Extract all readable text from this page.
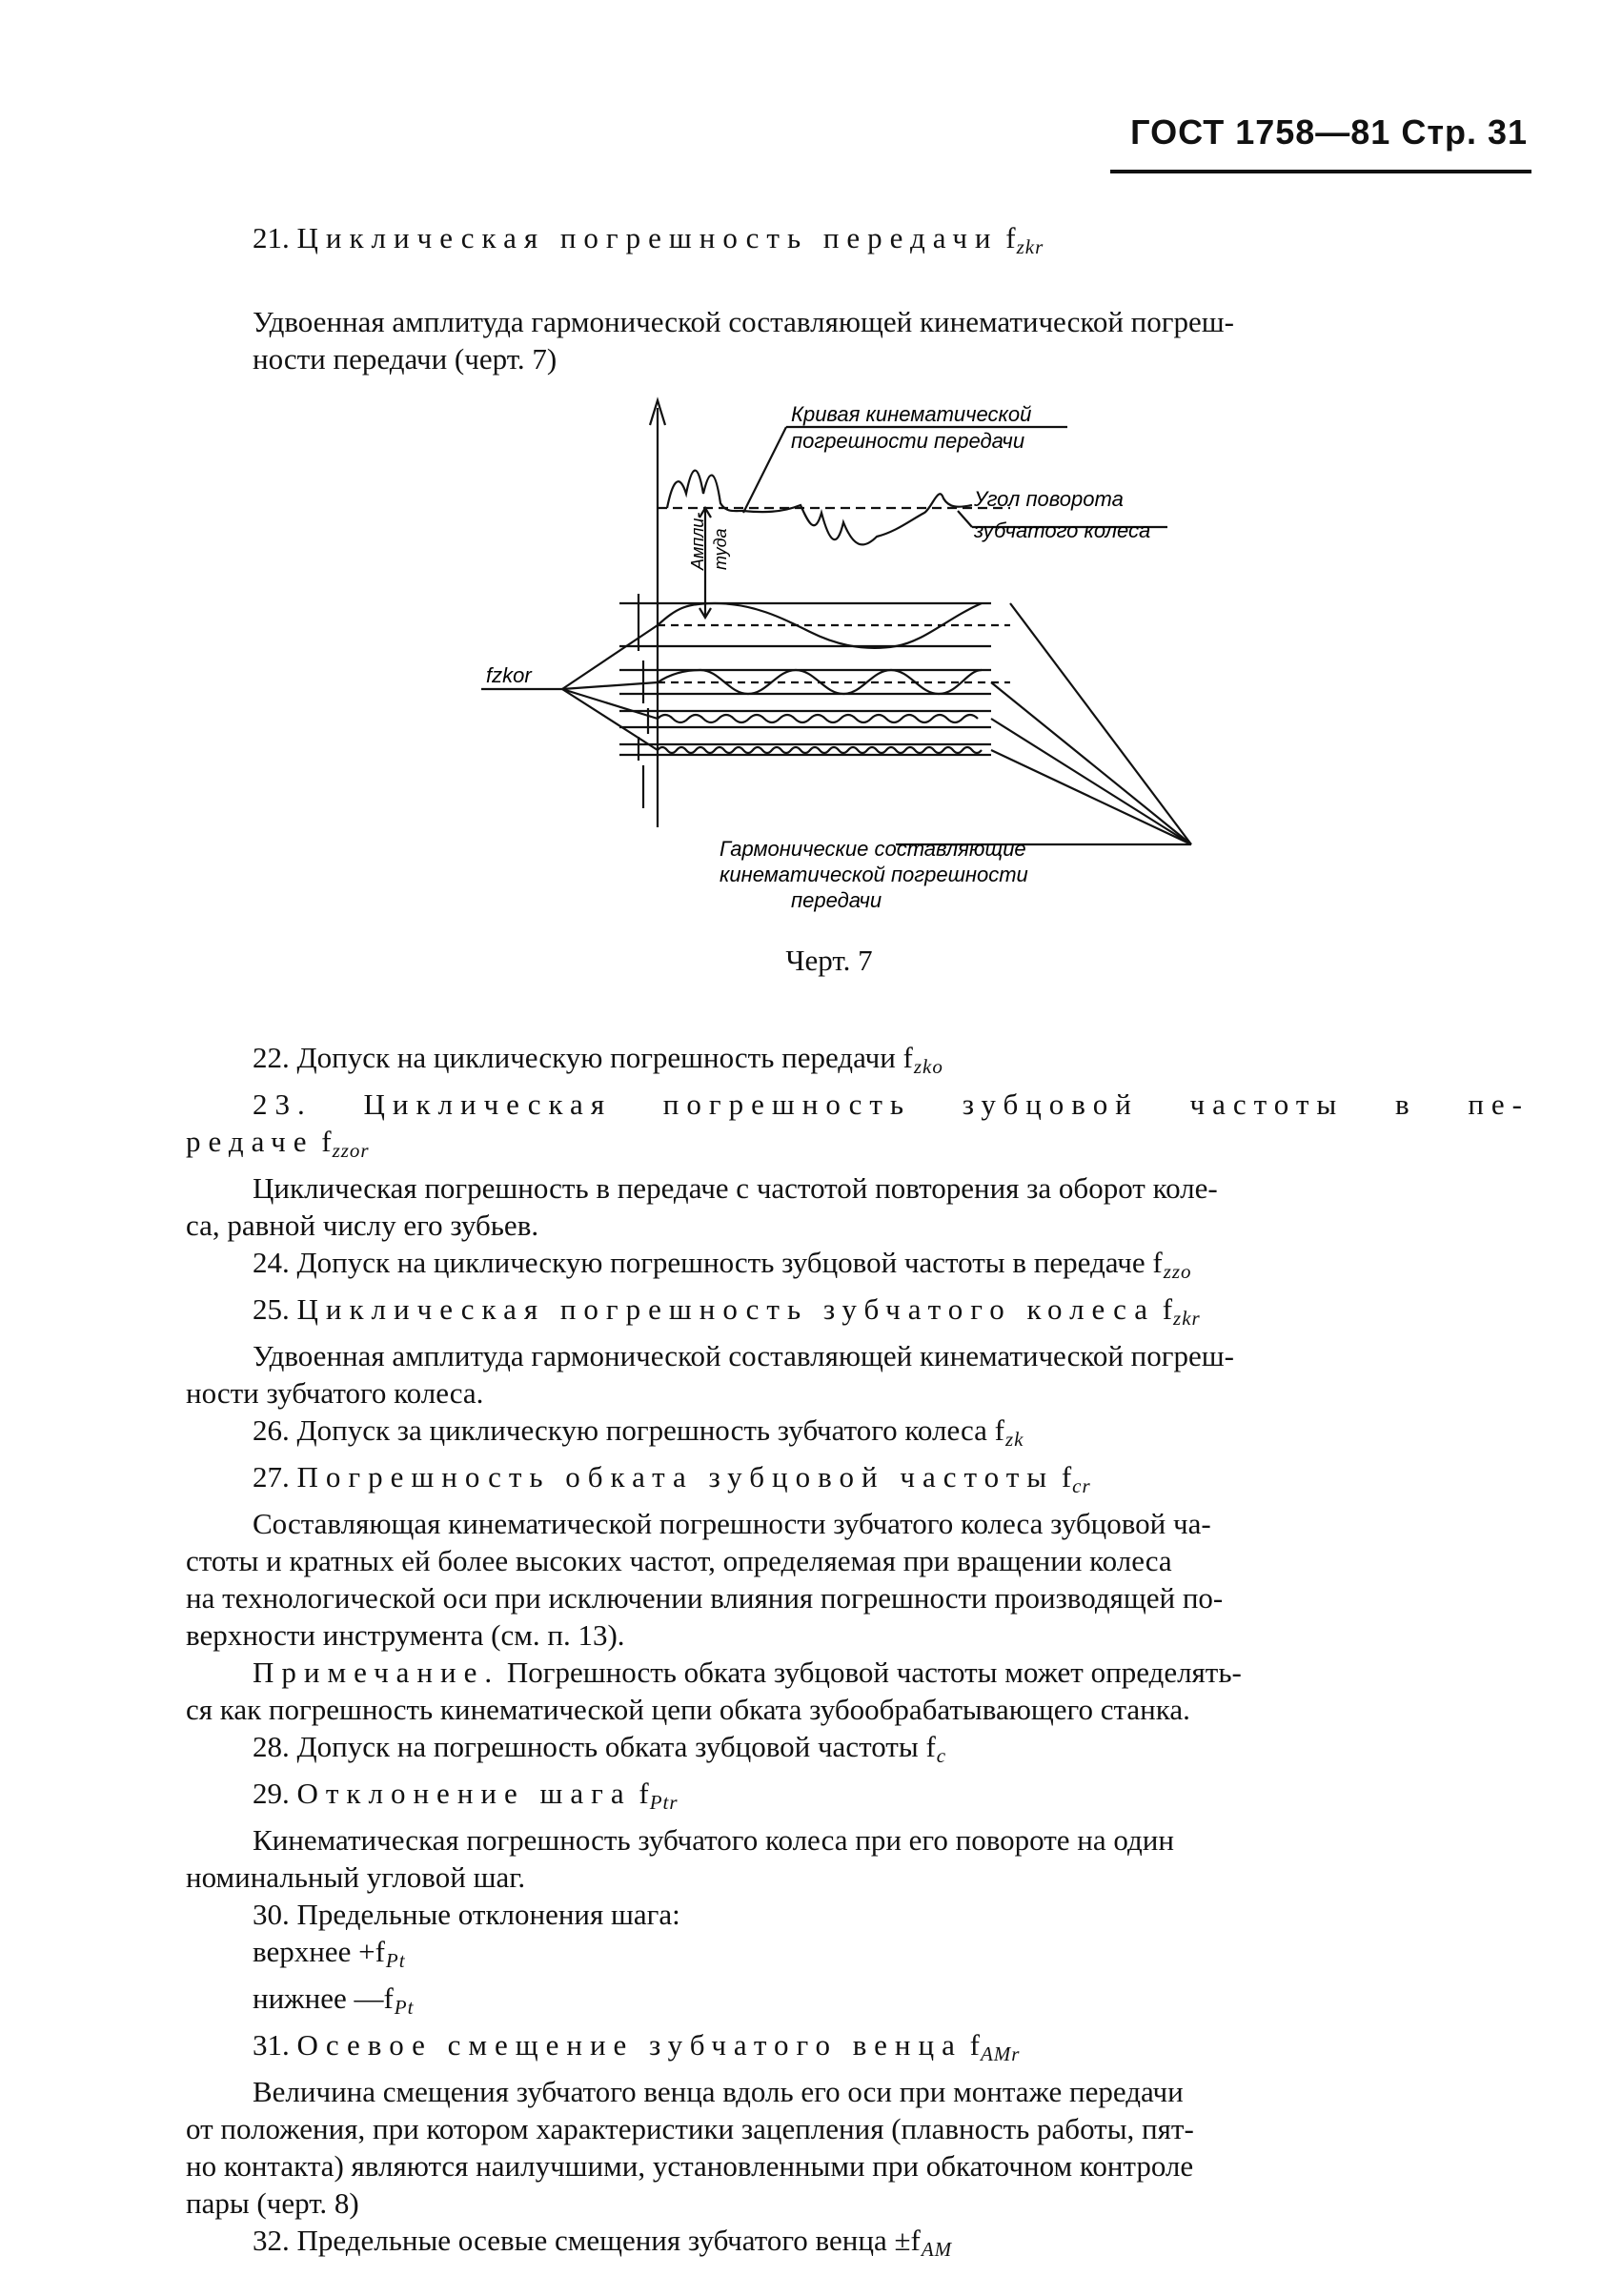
ГОСТ 1758—81 Стр. 31

21. Циклическая погрешность передачи $f_{zkr}$

Удвоенная амплитуда гармонической составляющей кинематической погреш-
ности передачи (черт. 7)

Кривая кинематической
погрешности передачи
Угол поворота
зубчатого колеса
Ампли- туда
fzkor
Гармонические составляющие
кинематической погрешности
передачи
Черт. 7

22. Допуск на циклическую погрешность передачи $f_{zko}$

23. Циклическая погрешность зубцовой частоты в пе-

редаче $f_{zzor}$

Циклическая погрешность в передаче с частотой повторения за оборот коле-
са, равной числу его зубьев.

24. Допуск на циклическую погрешность зубцовой частоты в передаче $f_{zzo}$

25. Циклическая погрешность зубчатого колеса $f_{zkr}$

Удвоенная амплитуда гармонической составляющей кинематической погреш-
ности зубчатого колеса.

26. Допуск за циклическую погрешность зубчатого колеса $f_{zk}$

27. Погрешность обката зубцовой частоты $f_{cr}$

Составляющая кинематической погрешности зубчатого колеса зубцовой ча-
стоты и кратных ей более высоких частот, определяемая при вращении колеса
на технологической оси при исключении влияния погрешности производящей по-
верхности инструмента (см. п. 13).

Примечание. Погрешность обката зубцовой частоты может определять-
ся как погрешность кинематической цепи обката зубообрабатывающего станка.

28. Допуск на погрешность обката зубцовой частоты $f_c$

29. Отклонение шага $f_{Ptr}$

Кинематическая погрешность зубчатого колеса при его повороте на один
номинальный угловой шаг.

30. Предельные отклонения шага:

верхнее $+f_{Pt}$

нижнее $—f_{Pt}$

31. Осевое смещение зубчатого венца $f_{AMr}$

Величина смещения зубчатого венца вдоль его оси при монтаже передачи
от положения, при котором характеристики зацепления (плавность работы, пят-
но контакта) являются наилучшими, установленными при обкаточном контроле
пары (черт. 8)

32. Предельные осевые смещения зубчатого венца $\pm f_{AM}$
